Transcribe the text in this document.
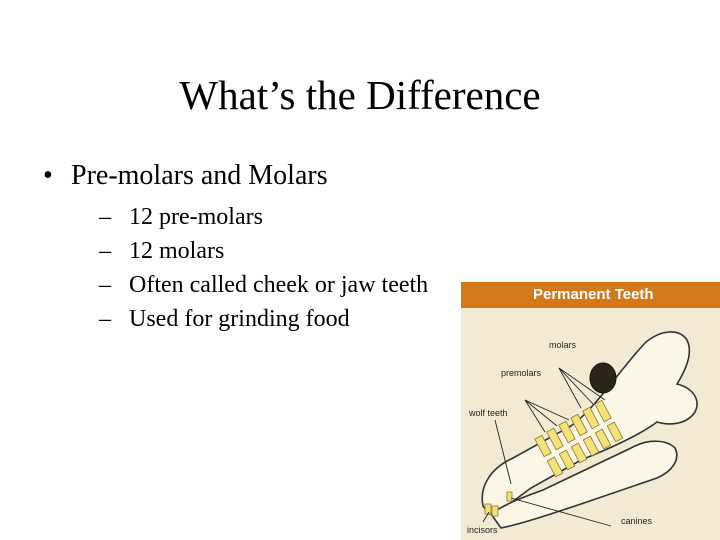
What’s the Difference
• Pre-molars and Molars
– 12 pre-molars
– 12 molars
– Often called cheek or jaw teeth
– Used for grinding food
Permanent Teeth
molars
premolars
wolf teeth
incisors
canines
